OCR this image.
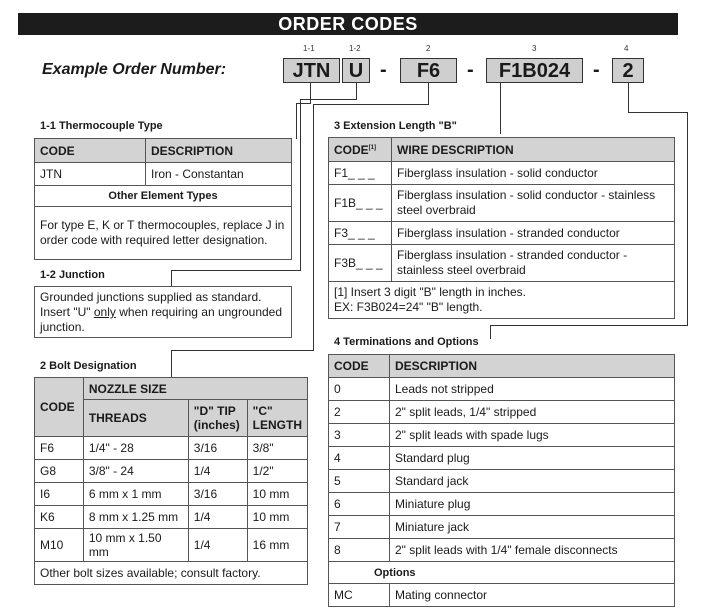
ORDER CODES
Example Order Number:
1-1	1-2	2	3	4
JTN U -	F6	-	F1B024	-	2
1-1 Thermocouple Type
CODE	DESCRIPTION
JTN	Iron - Constantan
Other Element Types	
For type E, K or T thermocouples, replace J in order code with required letter designation.	
1-2 Junction
Grounded junctions supplied as standard. Insert "U" only when requiring an ungrounded junction.
2 Bolt Designation
CODE	NOZZLE SIZE		
	THREADS	"D" TIP (inches)	"C" LENGTH
F6	1/4" - 28	3/16	3/8"
G8	3/8" - 24	1/4	1/2"
I6	6 mm x 1 mm	3/16	10 mm
K6	8 mm x 1.25 mm	1/4	10 mm
M10	10 mm x 1.50 mm	1/4	16 mm
Other bolt sizes available; consult factory.			
3 Extension Length "B"
CODE[1]	WIRE DESCRIPTION
F1_ _ _	Fiberglass insulation - solid conductor
F1B_ _ _	Fiberglass insulation - solid conductor - stainless steel overbraid
F3_ _ _	Fiberglass insulation - stranded conductor
F3B_ _ _	Fiberglass insulation - stranded conductor - stainless steel overbraid

[1] Insert 3 digit "B" length in inches.
EX: F3B024=24" "B" length.	
4 Terminations and Options
CODE	DESCRIPTION
0	Leads not stripped
2	2" split leads, 1/4" stripped
3	2" split leads with spade lugs
4	Standard plug
5	Standard jack
6	Miniature plug
7	Miniature jack
8	2" split leads with 1/4" female disconnects
Options	
MC	Mating connector
